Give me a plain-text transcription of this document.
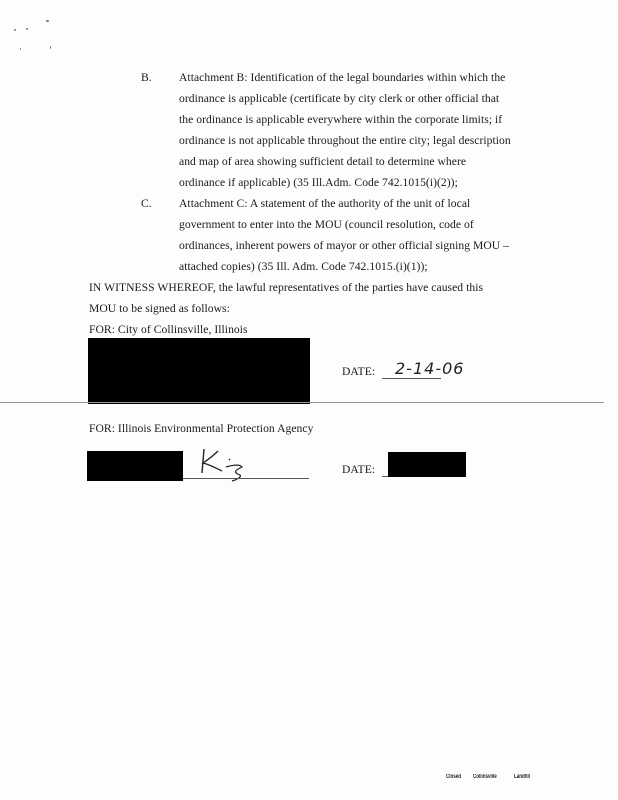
B. Attachment B: Identification of the legal boundaries within which the
ordinance is applicable (certificate by city clerk or other official that
the ordinance is applicable everywhere within the corporate limits; if
ordinance is not applicable throughout the entire city; legal description
and map of area showing sufficient detail to determine where
ordinance if applicable) (35 Ill.Adm. Code 742.1015(i)(2));
C. Attachment C: A statement of the authority of the unit of local
government to enter into the MOU (council resolution, code of
ordinances, inherent powers of mayor or other official signing MOU –
attached copies) (35 Ill. Adm. Code 742.1015.(i)(1));
IN WITNESS WHEREOF, the lawful representatives of the parties have caused this
MOU to be signed as follows:
FOR: City of Collinsville, Illinois
DATE: 2-14-06
FOR: Illinois Environmental Protection Agency
DATE:
Closed Collinsville	Landfill
